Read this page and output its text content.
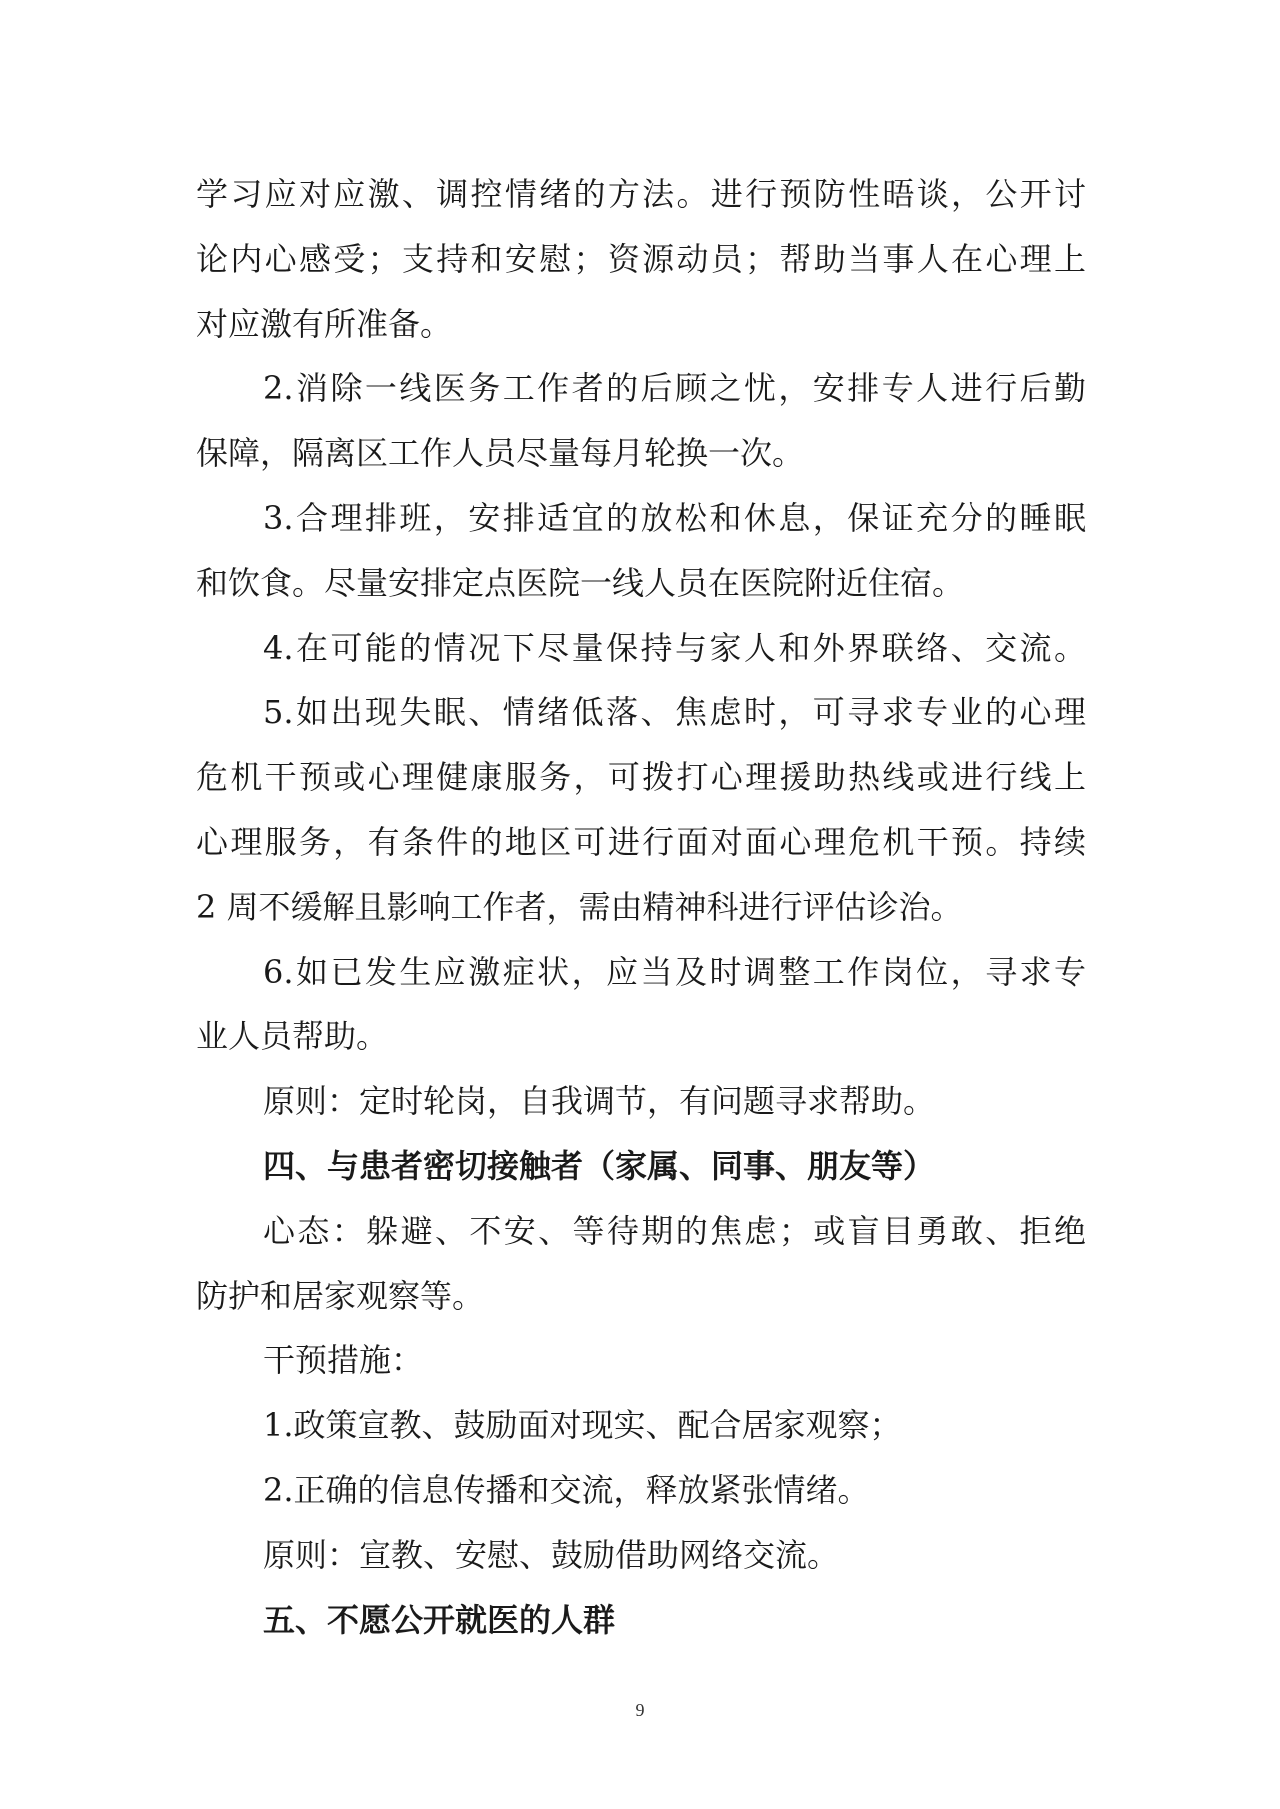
学习应对应激、调控情绪的方法。进行预防性晤谈，公开讨

论内心感受；支持和安慰；资源动员；帮助当事人在心理上

对应激有所准备。

2.消除一线医务工作者的后顾之忧，安排专人进行后勤

保障，隔离区工作人员尽量每月轮换一次。

3.合理排班，安排适宜的放松和休息，保证充分的睡眠

和饮食。尽量安排定点医院一线人员在医院附近住宿。

4.在可能的情况下尽量保持与家人和外界联络、交流。

5.如出现失眠、情绪低落、焦虑时，可寻求专业的心理

危机干预或心理健康服务，可拨打心理援助热线或进行线上

心理服务，有条件的地区可进行面对面心理危机干预。持续

2 周不缓解且影响工作者，需由精神科进行评估诊治。

6.如已发生应激症状，应当及时调整工作岗位，寻求专

业人员帮助。

原则：定时轮岗，自我调节，有问题寻求帮助。

四、与患者密切接触者（家属、同事、朋友等）

心态：躲避、不安、等待期的焦虑；或盲目勇敢、拒绝

防护和居家观察等。

干预措施：

1.政策宣教、鼓励面对现实、配合居家观察；

2.正确的信息传播和交流，释放紧张情绪。

原则：宣教、安慰、鼓励借助网络交流。

五、不愿公开就医的人群

9
